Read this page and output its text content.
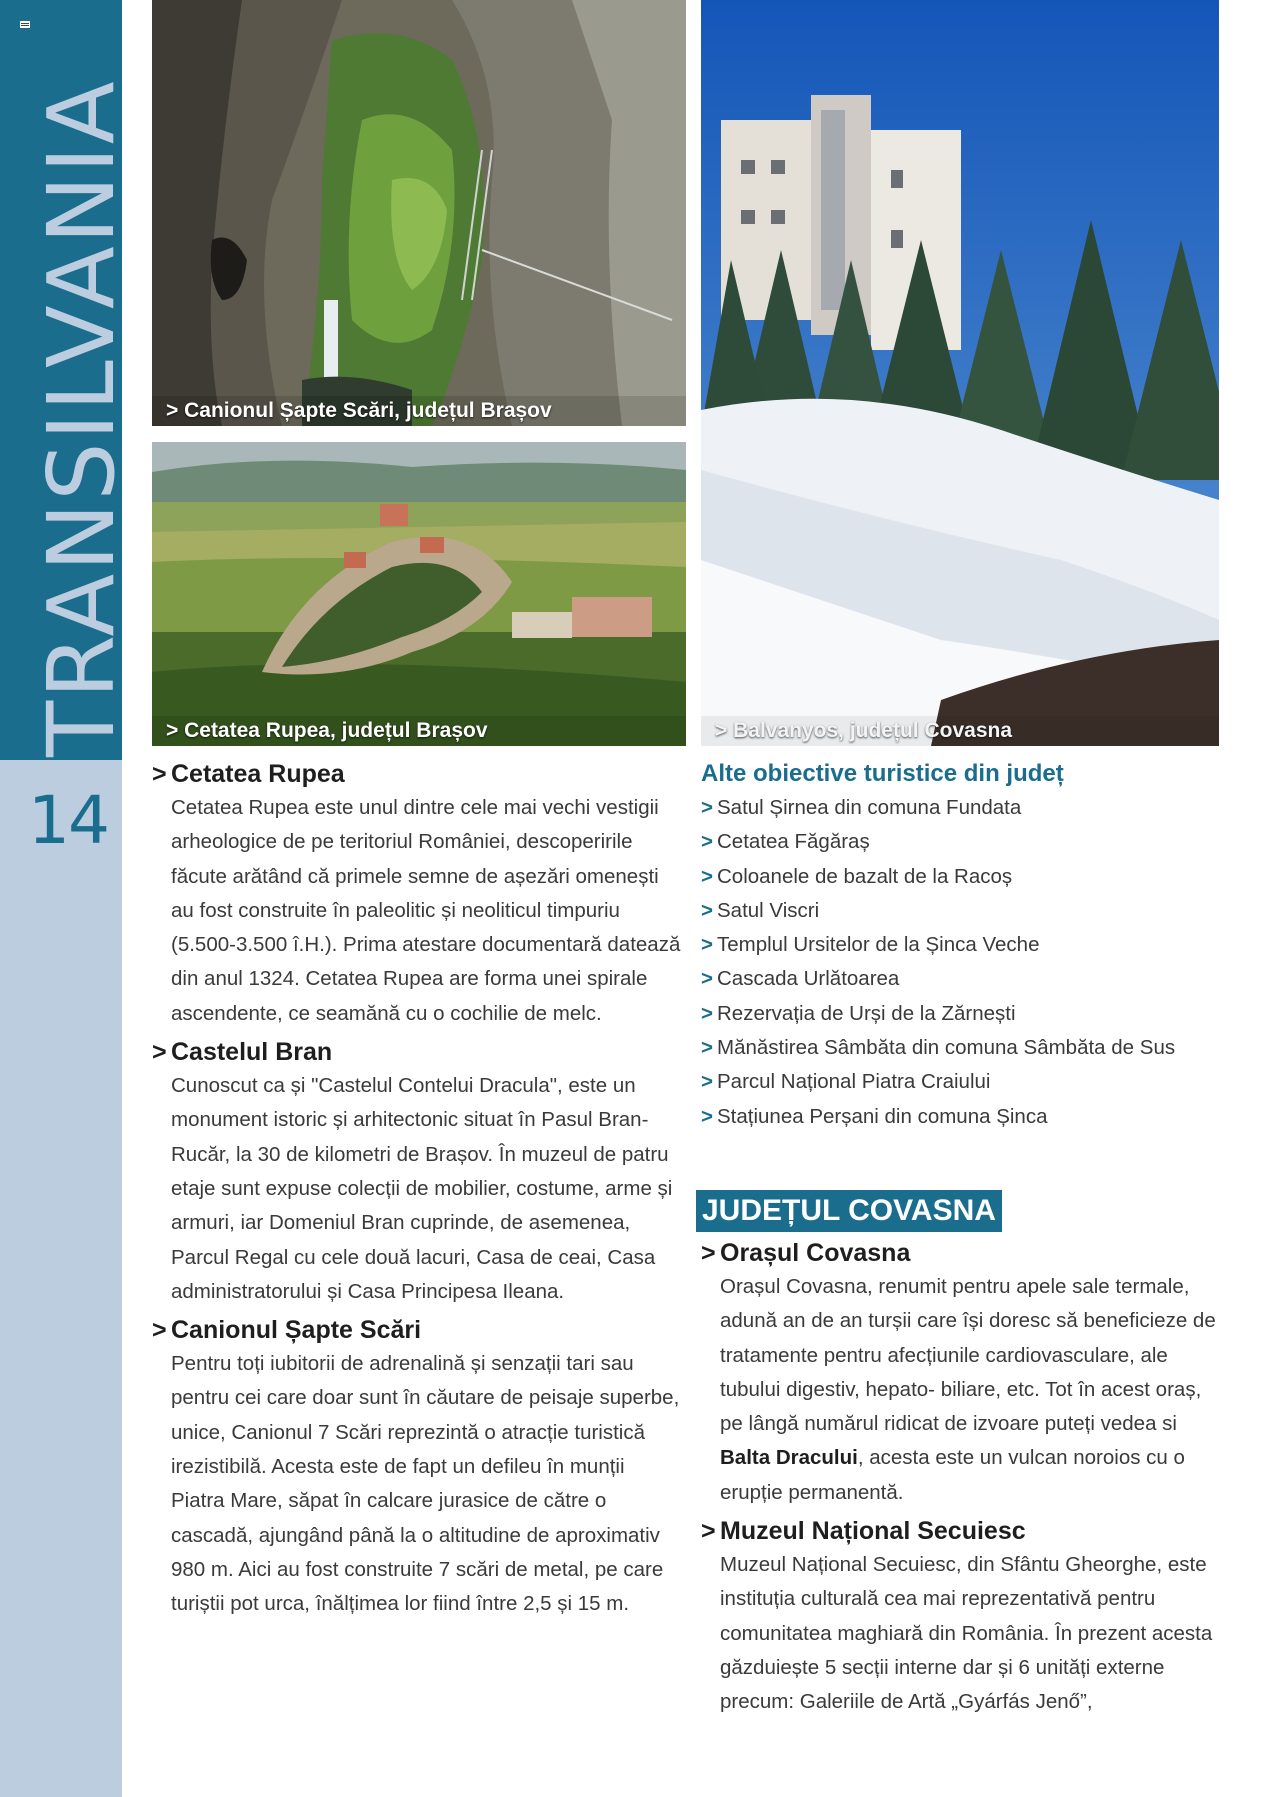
TRANSILVANIA
14
> Canionul Șapte Scări, județul Brașov
> Cetatea Rupea, județul Brașov	> Balvanyos, județul Covasna
> Cetatea Rupea

Cetatea Rupea este unul dintre cele mai vechi vestigii arheologice de pe teritoriul României, descoperirile făcute arătând că primele semne de așezări omenești au fost construite în paleolitic și neoliticul timpuriu (5.500-3.500 î.H.). Prima atestare documentară datează din anul 1324. Cetatea Rupea are forma unei spirale ascendente, ce seamănă cu o cochilie de melc.

> Castelul Bran

Cunoscut ca și "Castelul Contelui Dracula", este un monument istoric și arhitectonic situat în Pasul Bran-Rucăr, la 30 de kilometri de Brașov. În muzeul de patru etaje sunt expuse colecții de mobilier, costume, arme și armuri, iar Domeniul Bran cuprinde, de asemenea, Parcul Regal cu cele două lacuri, Casa de ceai, Casa administratorului și Casa Principesa Ileana.

> Canionul Șapte Scări

Pentru toți iubitorii de adrenalină și senzații tari sau pentru cei care doar sunt în căutare de peisaje superbe, unice, Canionul 7 Scări reprezintă o atracție turistică irezistibilă. Acesta este de fapt un defileu în munții Piatra Mare, săpat în calcare jurasice de către o cascadă, ajungând până la o altitudine de aproximativ 980 m. Aici au fost construite 7 scări de metal, pe care turiștii pot urca, înălțimea lor fiind între 2,5 și 15 m.

Alte obiective turistice din județ
> Satul Șirnea din comuna Fundata
> Cetatea Făgăraș
> Coloanele de bazalt de la Racoș
> Satul Viscri
> Templul Ursitelor de la Șinca Veche
> Cascada Urlătoarea
> Rezervația de Urși de la Zărnești
> Mănăstirea Sâmbăta din comuna Sâmbăta de Sus
> Parcul Național Piatra Craiului
> Stațiunea Perșani din comuna Șinca
JUDEȚUL COVASNA
> Orașul Covasna

Orașul Covasna, renumit pentru apele sale termale, adună an de an turșii care își doresc să beneficieze de tratamente pentru afecțiunile cardiovasculare, ale tubului digestiv, hepato- biliare, etc. Tot în acest oraș, pe lângă numărul ridicat de izvoare puteți vedea si Balta Dracului, acesta este un vulcan noroios cu o erupție permanentă.

> Muzeul Național Secuiesc

Muzeul Național Secuiesc, din Sfântu Gheorghe, este instituția culturală cea mai reprezentativă pentru comunitatea maghiară din România. În prezent acesta găzduiește 5 secții interne dar și 6 unități externe precum: Galeriile de Artă „Gyárfás Jenő”,
